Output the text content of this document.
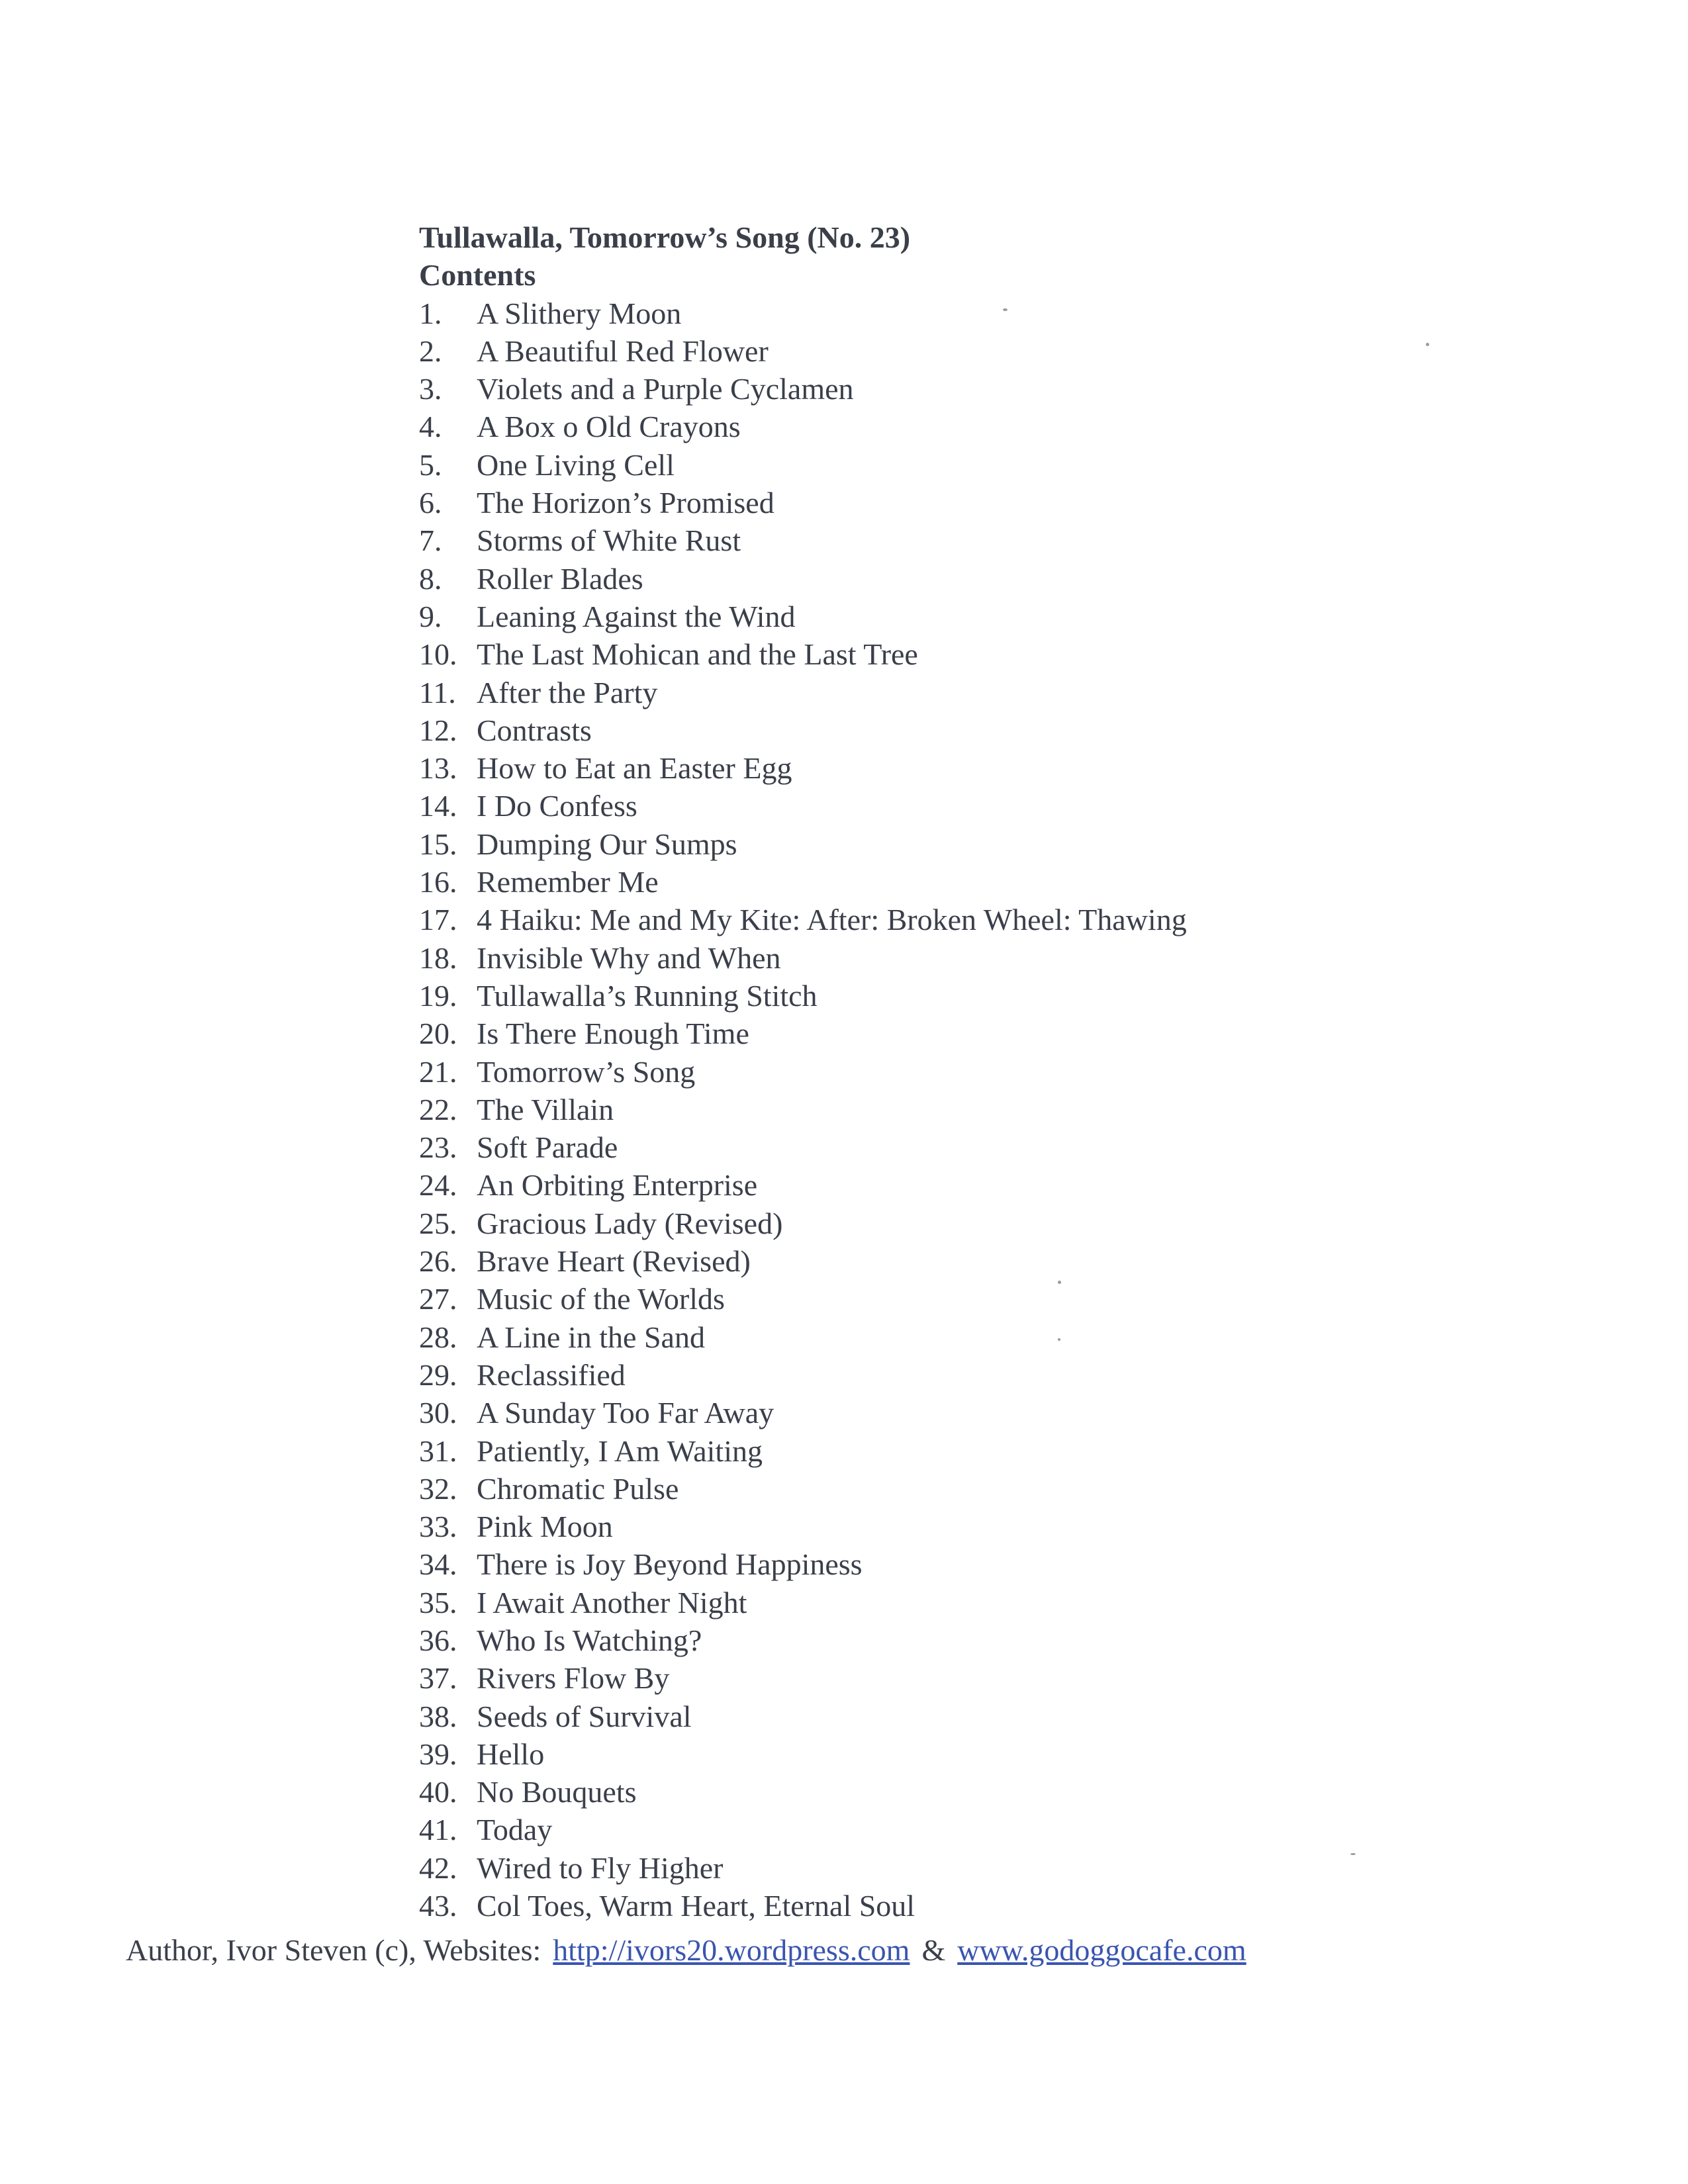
Tullawalla, Tomorrow’s Song (No. 23)
Contents
1.	A Slithery Moon
2.	A Beautiful Red Flower
3.	Violets and a Purple Cyclamen
4.	A Box o Old Crayons
5.	One Living Cell
6.	The Horizon’s Promised
7.	Storms of White Rust
8.	Roller Blades
9.	Leaning Against the Wind
10. The Last Mohican and the Last Tree
11. After the Party
12. Contrasts
13. How to Eat an Easter Egg
14. I Do Confess
15. Dumping Our Sumps
16. Remember Me
17. 4 Haiku: Me and My Kite: After: Broken Wheel: Thawing
18. Invisible Why and When
19. Tullawalla’s Running Stitch
20. Is There Enough Time
21. Tomorrow’s Song
22. The Villain
23. Soft Parade
24. An Orbiting Enterprise
25. Gracious Lady (Revised)
26. Brave Heart (Revised)
27. Music of the Worlds
28. A Line in the Sand
29. Reclassified
30. A Sunday Too Far Away
31. Patiently, I Am Waiting
32. Chromatic Pulse
33. Pink Moon
34. There is Joy Beyond Happiness
35. I Await Another Night
36. Who Is Watching?
37. Rivers Flow By
38. Seeds of Survival
39. Hello
40. No Bouquets
41. Today
42. Wired to Fly Higher
43. Col Toes, Warm Heart, Eternal Soul
Author, Ivor Steven (c), Websites: http://ivors20.wordpress.com & www.godoggocafe.com
